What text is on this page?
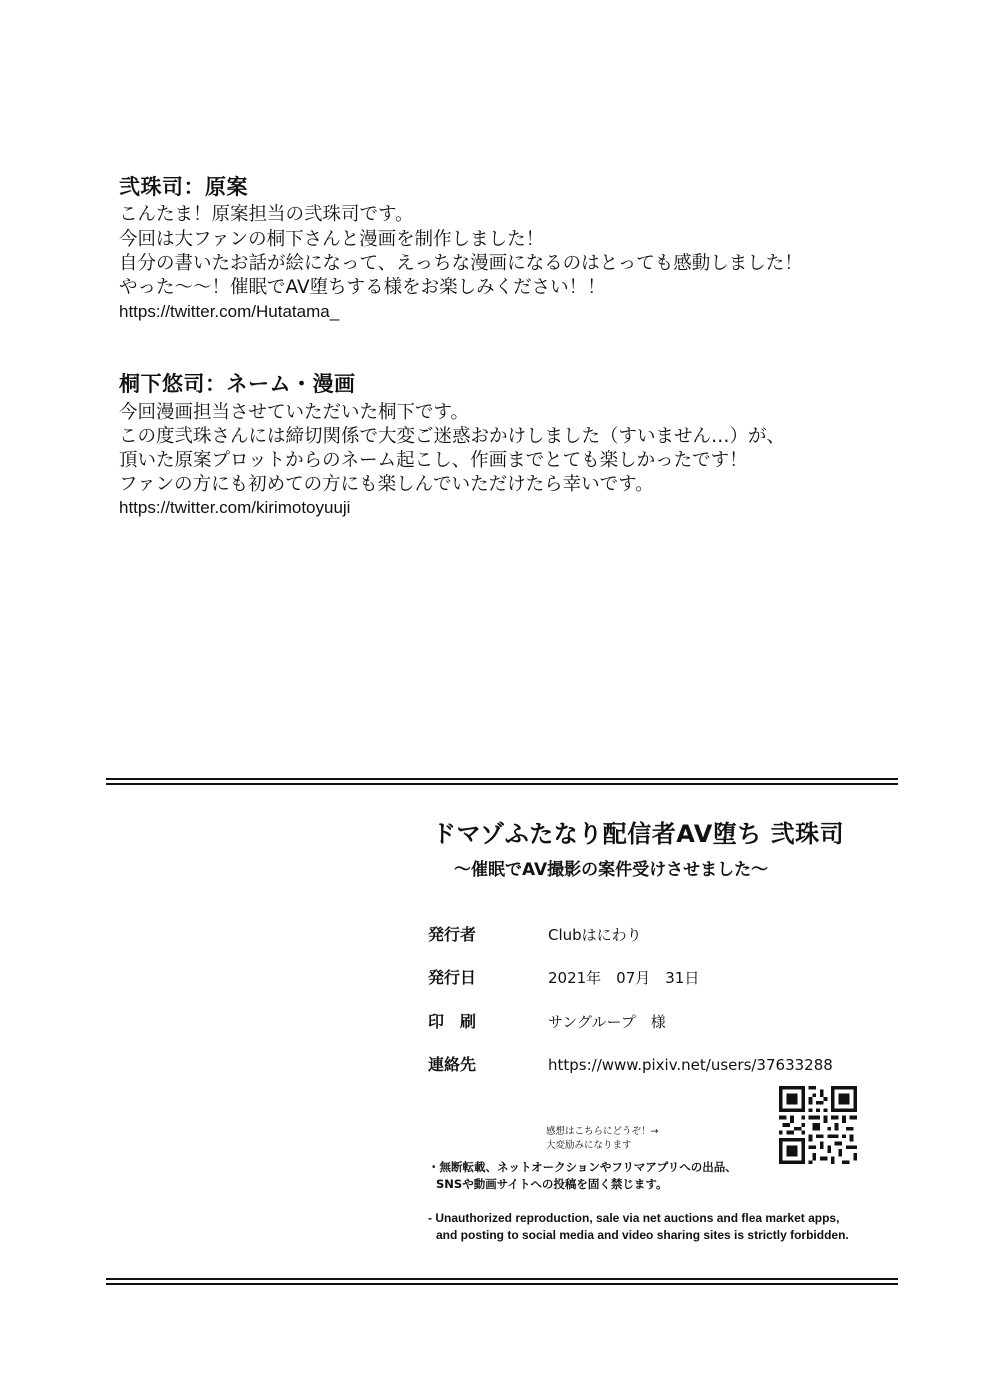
弐珠司：原案
こんたま！原案担当の弐珠司です。
今回は大ファンの桐下さんと漫画を制作しました！
自分の書いたお話が絵になって、えっちな漫画になるのはとっても感動しました！
やった〜〜！催眠でAV堕ちする様をお楽しみください！！
https://twitter.com/Hutatama_
桐下悠司：ネーム・漫画
今回漫画担当させていただいた桐下です。
この度弐珠さんには締切関係で大変ご迷惑おかけしました（すいません…）が、
頂いた原案プロットからのネーム起こし、作画までとても楽しかったです！
ファンの方にも初めての方にも楽しんでいただけたら幸いです。
https://twitter.com/kirimotoyuuji
ドマゾふたなり配信者AV堕ち 弐珠司
〜催眠でAV撮影の案件受けさせました〜
発行者	Clubはにわり
発行日	2021年　07月　31日
印　刷	サングループ　様
連絡先	https://www.pixiv.net/users/37633288
感想はこちらにどうぞ！→
大変励みになります
・無断転載、ネットオークションやフリマアプリへの出品、
SNSや動画サイトへの投稿を固く禁じます。
- Unauthorized reproduction, sale via net auctions and flea market apps,
and posting to social media and video sharing sites is strictly forbidden.
